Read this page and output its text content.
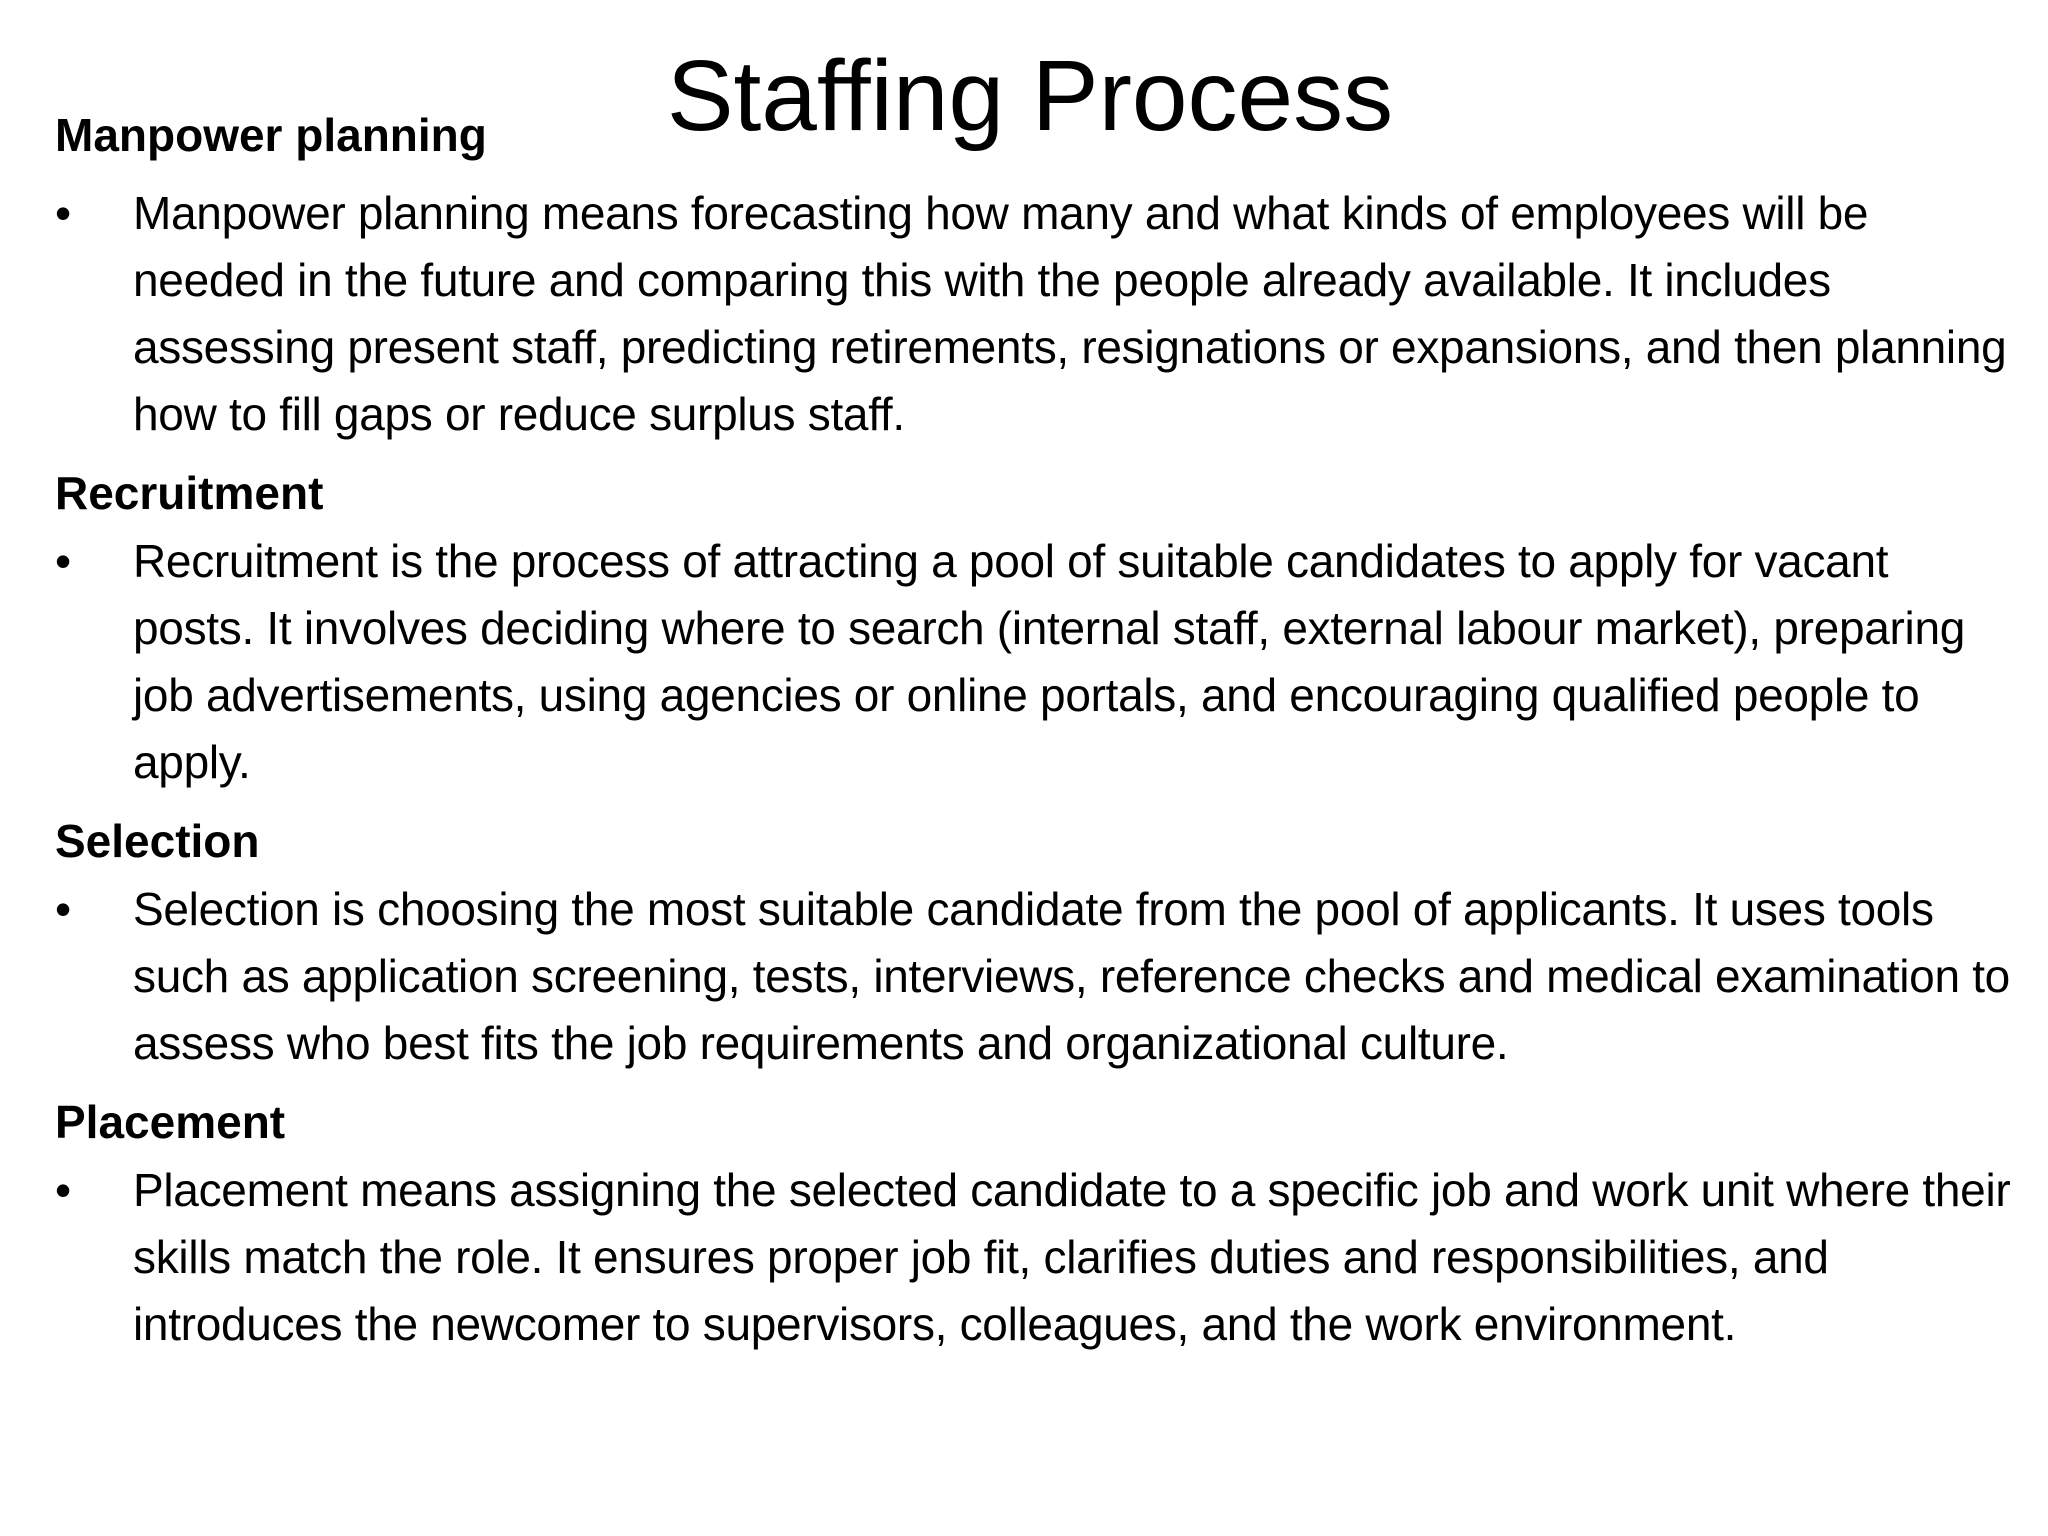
Staffing Process

Manpower planning

• Manpower planning means forecasting how many and what kinds of employees will be needed in the future and comparing this with the people already available. It includes assessing present staff, predicting retirements, resignations or expansions, and then planning how to fill gaps or reduce surplus staff.

Recruitment

• Recruitment is the process of attracting a pool of suitable candidates to apply for vacant posts. It involves deciding where to search (internal staff, external labour market), preparing job advertisements, using agencies or online portals, and encouraging qualified people to apply.

Selection

• Selection is choosing the most suitable candidate from the pool of applicants. It uses tools such as application screening, tests, interviews, reference checks and medical examination to assess who best fits the job requirements and organizational culture.

Placement

• Placement means assigning the selected candidate to a specific job and work unit where their skills match the role. It ensures proper job fit, clarifies duties and responsibilities, and introduces the newcomer to supervisors, colleagues, and the work environment.
